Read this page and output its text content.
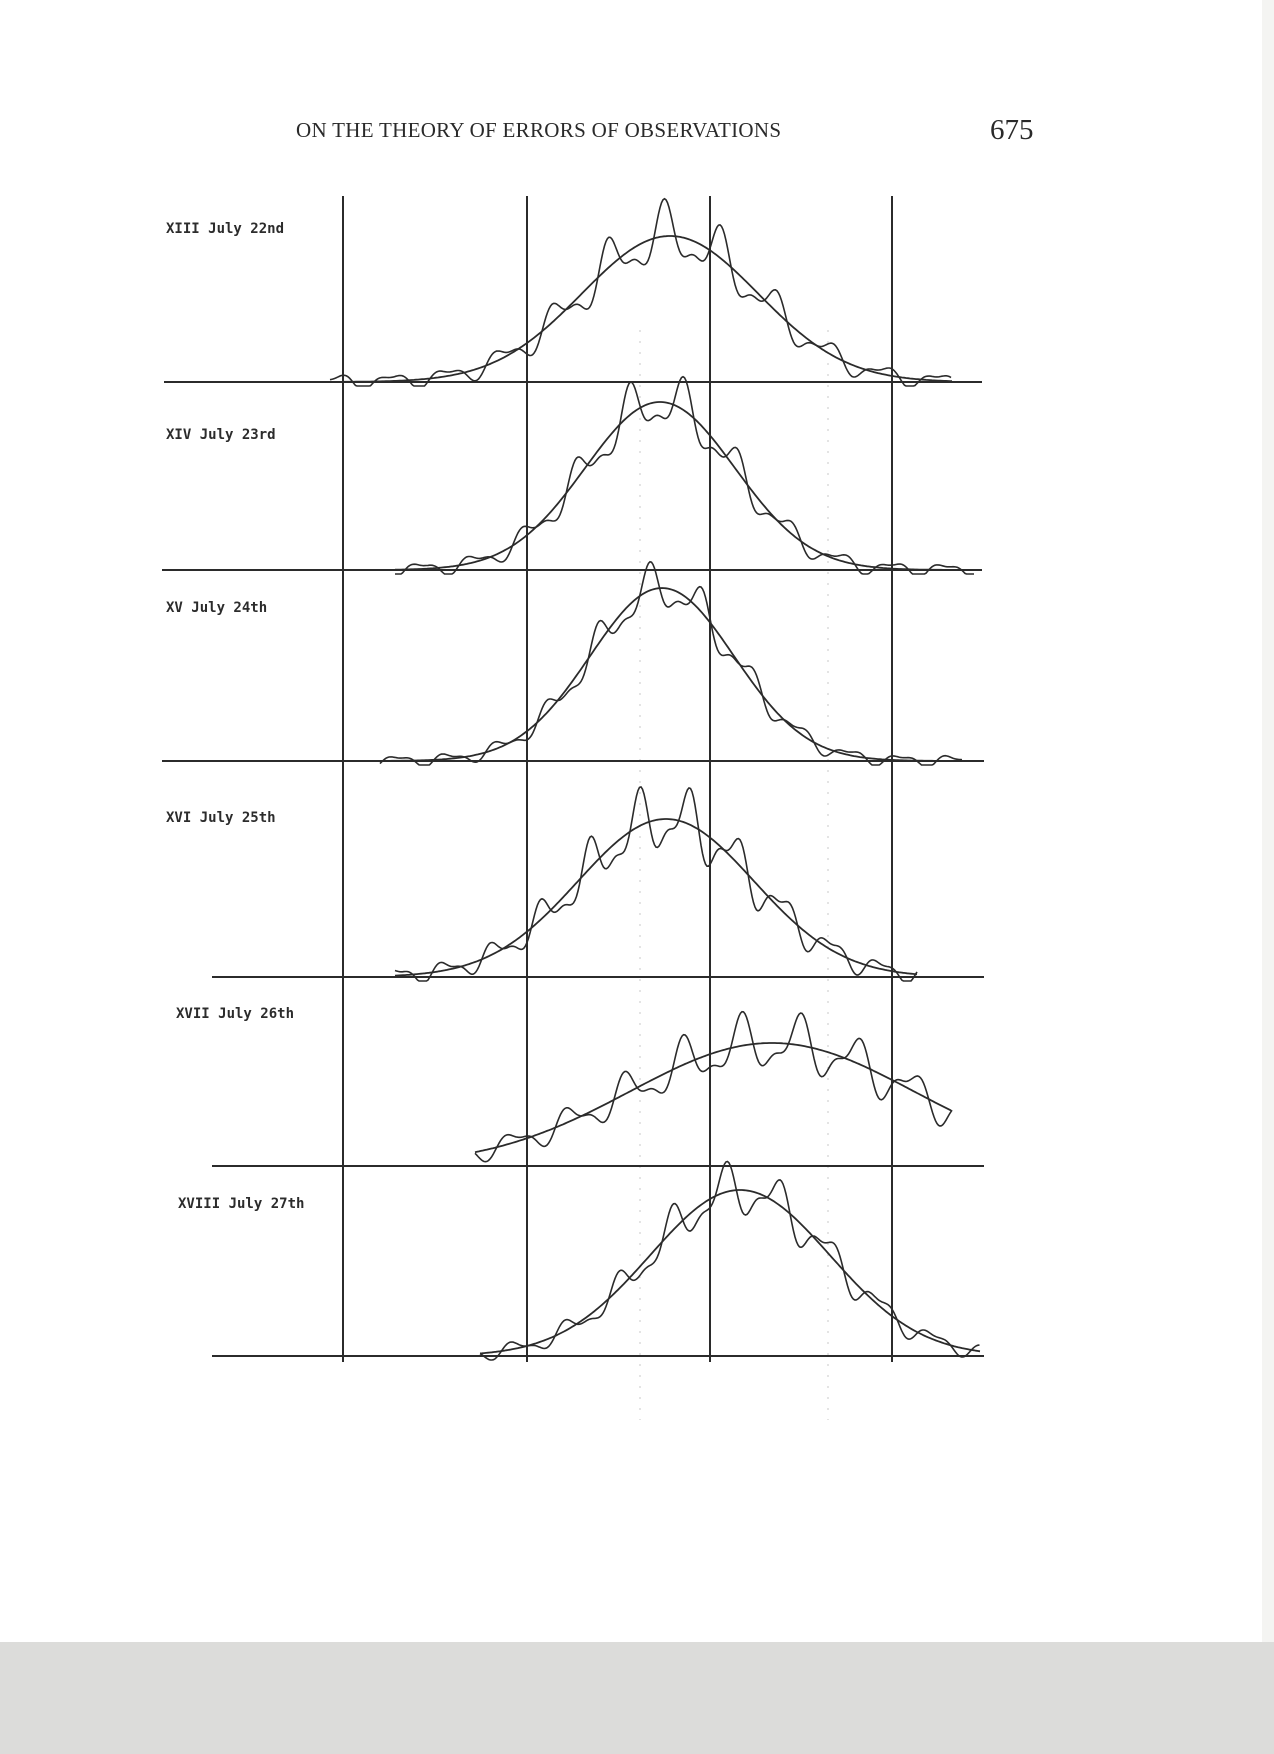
ON THE THEORY OF ERRORS OF OBSERVATIONS	675
XIII July 22nd
XIV July 23rd
XV July 24th
XVI July 25th
XVII July 26th
XVIII July 27th
